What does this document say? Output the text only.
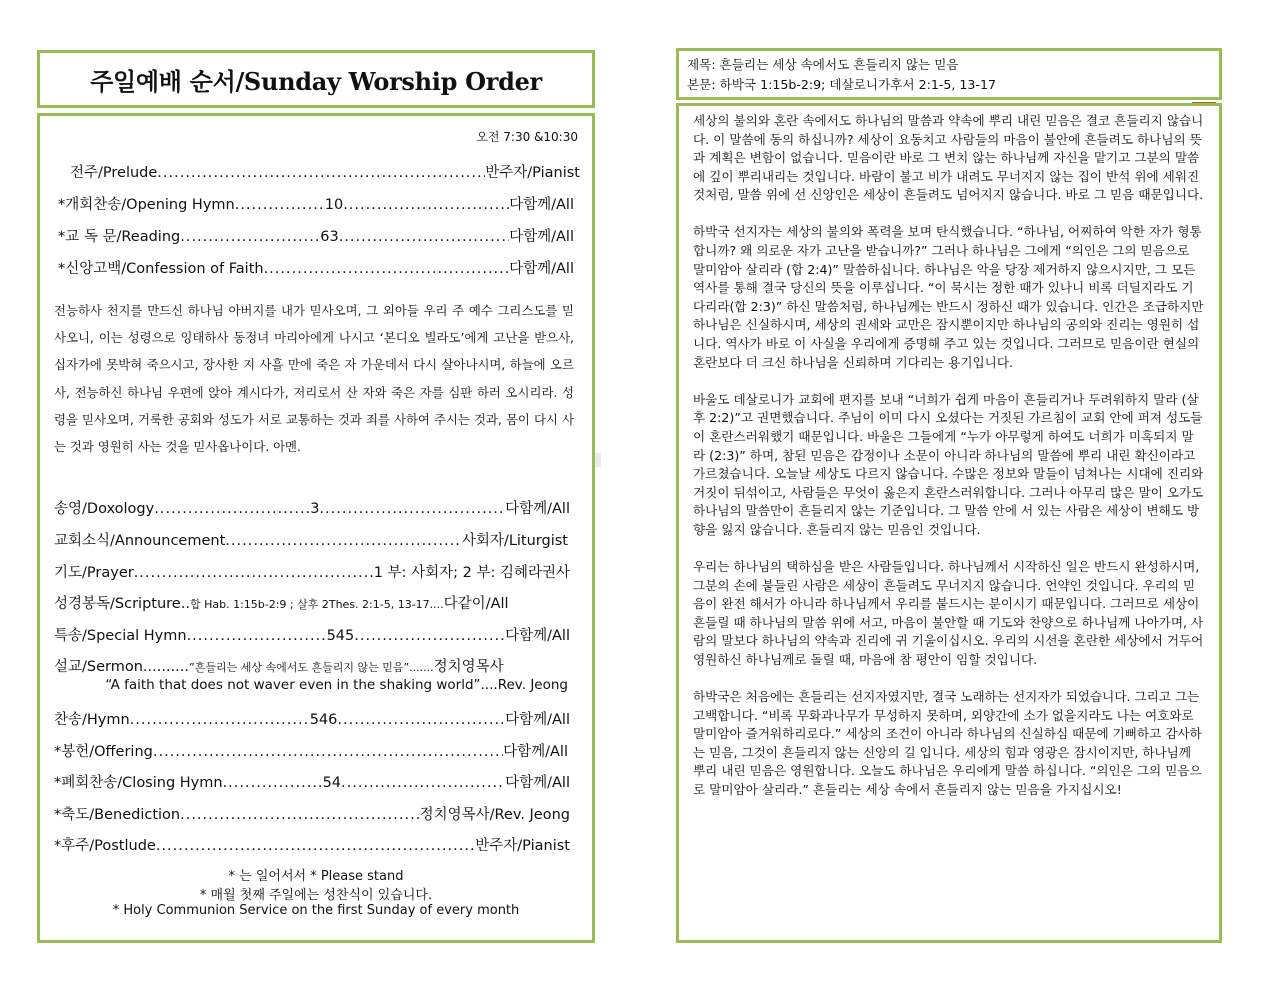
주일예배 순서/Sunday Worship Order
오전 7:30 &10:30
전주/Prelude .....	반주자/Pianist
*개회찬송/Opening Hymn .....	10 .....	다함께/All
*교 독 문/Reading .....	63 .....	다함께/All
*신앙고백/Confession of Faith .....	다함께/All
전능하사 천지를 만드신 하나님 아버지를 내가 믿사오며, 그 외아들 우리 주 예수 그리스도를 믿사오니, 이는 성령으로 잉태하사 동정녀 마리아에게 나시고 ‘본디오 빌라도’에게 고난을 받으사, 십자가에 못박혀 죽으시고, 장사한 지 사흘 만에 죽은 자 가운데서 다시 살아나시며, 하늘에 오르사, 전능하신 하나님 우편에 앉아 계시다가, 저리로서 산 자와 죽은 자를 심판 하러 오시리라. 성령을 믿사오며, 거룩한 공회와 성도가 서로 교통하는 것과 죄를 사하여 주시는 것과, 몸이 다시 사는 것과 영원히 사는 것을 믿사옵나이다. 아멘.
송영/Doxology .....	3 .....	다함께/All
교회소식/Announcement .....	사회자/Liturgist
기도/Prayer .....	1 부: 사회자; 2 부: 김혜라권사
성경봉독/Scripture.. 합 Hab. 1:15b-2:9 ; 살후 2Thes. 2:1-5, 13-17.... 다같이/All
특송/Special Hymn .....	545 .....	다함께/All
설교/Sermon.......... ”흔들리는 세상 속에서도 흔들리지 않는 믿음”....... 정치영목사
“A faith that does not waver even in the shaking world”....Rev. Jeong
찬송/Hymn .....	546 .....	다함께/All
*봉헌/Offering .....	다함께/All
*폐회찬송/Closing Hymn .....	54 .....	다함께/All
*축도/Benediction .....	정치영목사/Rev. Jeong
*후주/Postlude .....	반주자/Pianist
* 는 일어서서 * Please stand
* 매월 첫째 주일에는 성찬식이 있습니다.
* Holy Communion Service on the first Sunday of every month
제목: 흔들리는 세상 속에서도 흔들리지 않는 믿음
본문: 하박국 1:15b-2:9; 데살로니가후서 2:1-5, 13-17

세상의 불의와 혼란 속에서도 하나님의 말씀과 약속에 뿌리 내린 믿음은 결코 흔들리지 않습니다. 이 말씀에 동의 하십니까? 세상이 요동치고 사람들의 마음이 불안에 흔들려도 하나님의 뜻과 계획은 변함이 없습니다. 믿음이란 바로 그 변치 않는 하나님께 자신을 맡기고 그분의 말씀에 깊이 뿌리내리는 것입니다. 바람이 불고 비가 내려도 무너지지 않는 집이 반석 위에 세워진 것처럼, 말씀 위에 선 신앙인은 세상이 흔들려도 넘어지지 않습니다. 바로 그 믿음 때문입니다.

하박국 선지자는 세상의 불의와 폭력을 보며 탄식했습니다. “하나님, 어찌하여 악한 자가 형통합니까? 왜 의로운 자가 고난을 받습니까?” 그러나 하나님은 그에게 “의인은 그의 믿음으로 말미암아 살리라 (합 2:4)” 말씀하십니다. 하나님은 악을 당장 제거하지 않으시지만, 그 모든 역사를 통해 결국 당신의 뜻을 이루십니다. “이 묵시는 정한 때가 있나니 비록 더딜지라도 기다리라(합 2:3)” 하신 말씀처럼, 하나님께는 반드시 정하신 때가 있습니다. 인간은 조급하지만 하나님은 신실하시며, 세상의 권세와 교만은 잠시뿐이지만 하나님의 공의와 진리는 영원히 섭니다. 역사가 바로 이 사실을 우리에게 증명해 주고 있는 것입니다. 그러므로 믿음이란 현실의 혼란보다 더 크신 하나님을 신뢰하며 기다리는 용기입니다.

바울도 데살로니가 교회에 편지를 보내 “너희가 쉽게 마음이 흔들리거나 두려워하지 말라 (살후 2:2)”고 권면했습니다. 주님이 이미 다시 오셨다는 거짓된 가르침이 교회 안에 퍼져 성도들이 혼란스러워했기 때문입니다. 바울은 그들에게 “누가 아무렇게 하여도 너희가 미혹되지 말라 (2:3)” 하며, 참된 믿음은 감정이나 소문이 아니라 하나님의 말씀에 뿌리 내린 확신이라고 가르쳤습니다. 오늘날 세상도 다르지 않습니다. 수많은 정보와 말들이 넘쳐나는 시대에 진리와 거짓이 뒤섞이고, 사람들은 무엇이 옳은지 혼란스러워합니다. 그러나 아무리 많은 말이 오가도 하나님의 말씀만이 흔들리지 않는 기준입니다. 그 말씀 안에 서 있는 사람은 세상이 변해도 방향을 잃지 않습니다. 흔들리지 않는 믿음인 것입니다.

우리는 하나님의 택하심을 받은 사람들입니다. 하나님께서 시작하신 일은 반드시 완성하시며, 그분의 손에 붙들린 사람은 세상이 흔들려도 무너지지 않습니다. 언약인 것입니다. 우리의 믿음이 완전 해서가 아니라 하나님께서 우리를 붙드시는 분이시기 때문입니다. 그러므로 세상이 흔들릴 때 하나님의 말씀 위에 서고, 마음이 불안할 때 기도와 찬양으로 하나님께 나아가며, 사람의 말보다 하나님의 약속과 진리에 귀 기울이십시오. 우리의 시선을 혼란한 세상에서 거두어 영원하신 하나님께로 돌릴 때, 마음에 참 평안이 임할 것입니다.

하박국은 처음에는 흔들리는 선지자였지만, 결국 노래하는 선지자가 되었습니다. 그리고 그는 고백합니다. “비록 무화과나무가 무성하지 못하며, 외양간에 소가 없을지라도 나는 여호와로 말미암아 즐거워하리로다.” 세상의 조건이 아니라 하나님의 신실하심 때문에 기뻐하고 감사하는 믿음, 그것이 흔들리지 않는 신앙의 길 입니다. 세상의 힘과 영광은 잠시이지만, 하나님께 뿌리 내린 믿음은 영원합니다. 오늘도 하나님은 우리에게 말씀 하십니다. “의인은 그의 믿음으로 말미암아 살리라.” 흔들리는 세상 속에서 흔들리지 않는 믿음을 가지십시오!
